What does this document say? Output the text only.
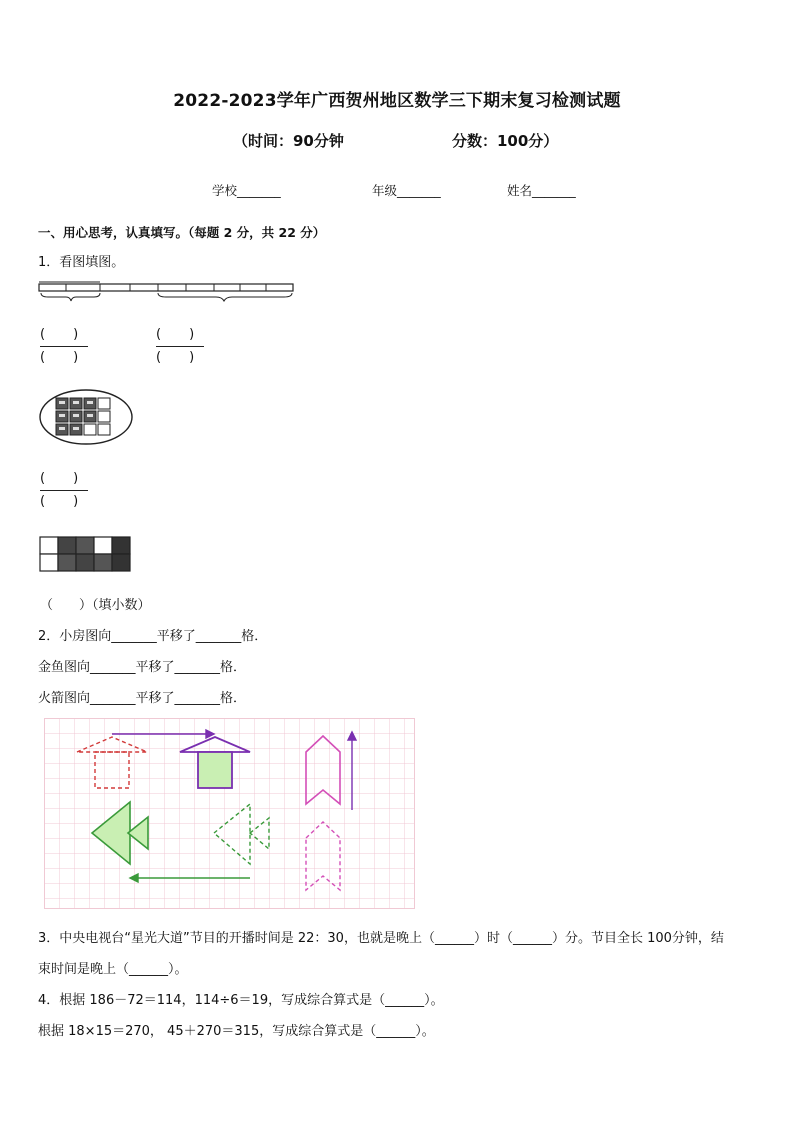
2022-2023学年广西贺州地区数学三下期末复习检测试题
（时间：90分钟	分数：100分）
学校_______	年级_______	姓名_______
一、用心思考，认真填写。（每题 2 分，共 22 分）
1．看图填图。
( )
( )
( )
( )
( )
( )
（　　）（填小数）
2．小房图向_______平移了_______格．
金鱼图向_______平移了_______格．
火箭图向_______平移了_______格．
3．中央电视台“星光大道”节目的开播时间是 22：30，也就是晚上（______）时（______）分。节目全长 100分钟，结
束时间是晚上（______）。
4．根据 186－72＝114，114÷6＝19，写成综合算式是（______）。
根据 18×15＝270， 45＋270＝315，写成综合算式是（______）。
